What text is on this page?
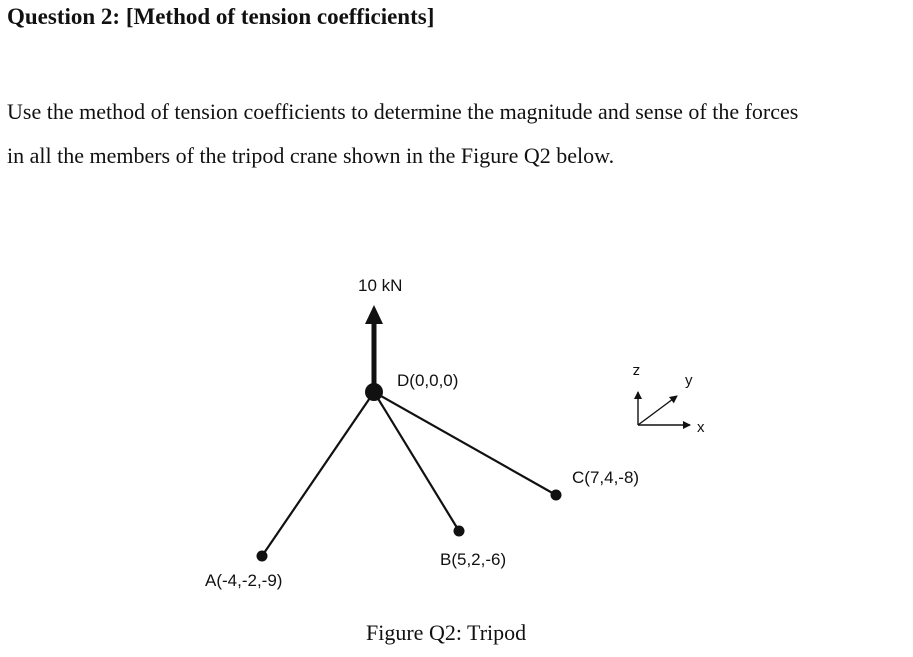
Question 2: [Method of tension coefficients]
Use the method of tension coefficients to determine the magnitude and sense of the forces
in all the members of the tripod crane shown in the Figure Q2 below.
10 kN
D(0,0,0)
C(7,4,-8)
B(5,2,-6)
A(-4,-2,-9)
z
y
x
Figure Q2: Tripod
